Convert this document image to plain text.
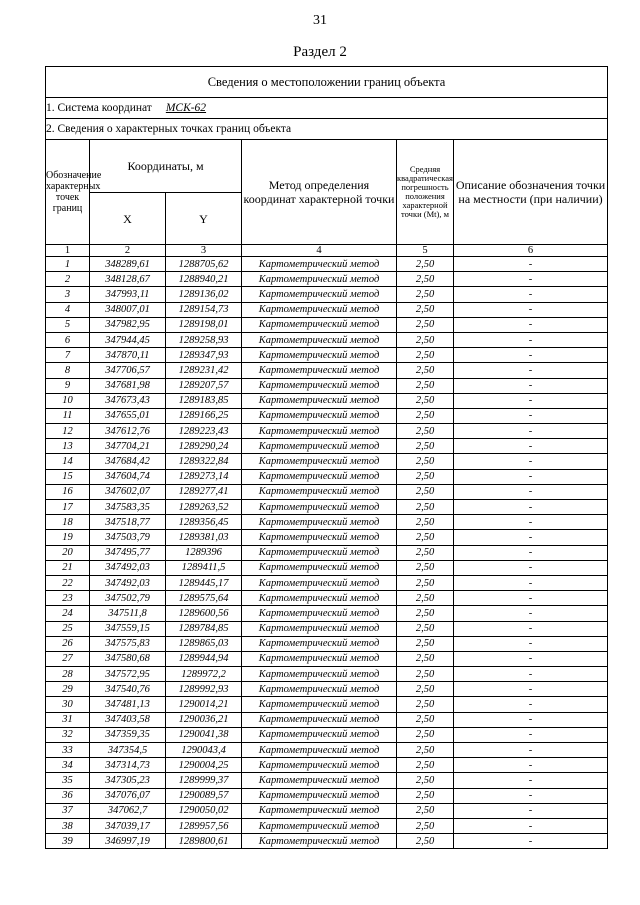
31
Раздел 2
Сведения о местоположении границ объекта					
1. Система координат МСК-62					
2. Сведения о характерных точках границ объекта					
Обозначение характерных точек границ	Координаты, м		Метод определения координат характерной точки	Средняя квадратическая погрешность положения характерной точки (Mt), м	Описание обозначения точки на местности (при наличии)
	X	Y			
1	2	3	4	5	6
1	348289,61	1288705,62	Картометрический метод	2,50	-
2	348128,67	1288940,21	Картометрический метод	2,50	-
3	347993,11	1289136,02	Картометрический метод	2,50	-
4	348007,01	1289154,73	Картометрический метод	2,50	-
5	347982,95	1289198,01	Картометрический метод	2,50	-
6	347944,45	1289258,93	Картометрический метод	2,50	-
7	347870,11	1289347,93	Картометрический метод	2,50	-
8	347706,57	1289231,42	Картометрический метод	2,50	-
9	347681,98	1289207,57	Картометрический метод	2,50	-
10	347673,43	1289183,85	Картометрический метод	2,50	-
11	347655,01	1289166,25	Картометрический метод	2,50	-
12	347612,76	1289223,43	Картометрический метод	2,50	-
13	347704,21	1289290,24	Картометрический метод	2,50	-
14	347684,42	1289322,84	Картометрический метод	2,50	-
15	347604,74	1289273,14	Картометрический метод	2,50	-
16	347602,07	1289277,41	Картометрический метод	2,50	-
17	347583,35	1289263,52	Картометрический метод	2,50	-
18	347518,77	1289356,45	Картометрический метод	2,50	-
19	347503,79	1289381,03	Картометрический метод	2,50	-
20	347495,77	1289396	Картометрический метод	2,50	-
21	347492,03	1289411,5	Картометрический метод	2,50	-
22	347492,03	1289445,17	Картометрический метод	2,50	-
23	347502,79	1289575,64	Картометрический метод	2,50	-
24	347511,8	1289600,56	Картометрический метод	2,50	-
25	347559,15	1289784,85	Картометрический метод	2,50	-
26	347575,83	1289865,03	Картометрический метод	2,50	-
27	347580,68	1289944,94	Картометрический метод	2,50	-
28	347572,95	1289972,2	Картометрический метод	2,50	-
29	347540,76	1289992,93	Картометрический метод	2,50	-
30	347481,13	1290014,21	Картометрический метод	2,50	-
31	347403,58	1290036,21	Картометрический метод	2,50	-
32	347359,35	1290041,38	Картометрический метод	2,50	-
33	347354,5	1290043,4	Картометрический метод	2,50	-
34	347314,73	1290004,25	Картометрический метод	2,50	-
35	347305,23	1289999,37	Картометрический метод	2,50	-
36	347076,07	1290089,57	Картометрический метод	2,50	-
37	347062,7	1290050,02	Картометрический метод	2,50	-
38	347039,17	1289957,56	Картометрический метод	2,50	-
39	346997,19	1289800,61	Картометрический метод	2,50	-
